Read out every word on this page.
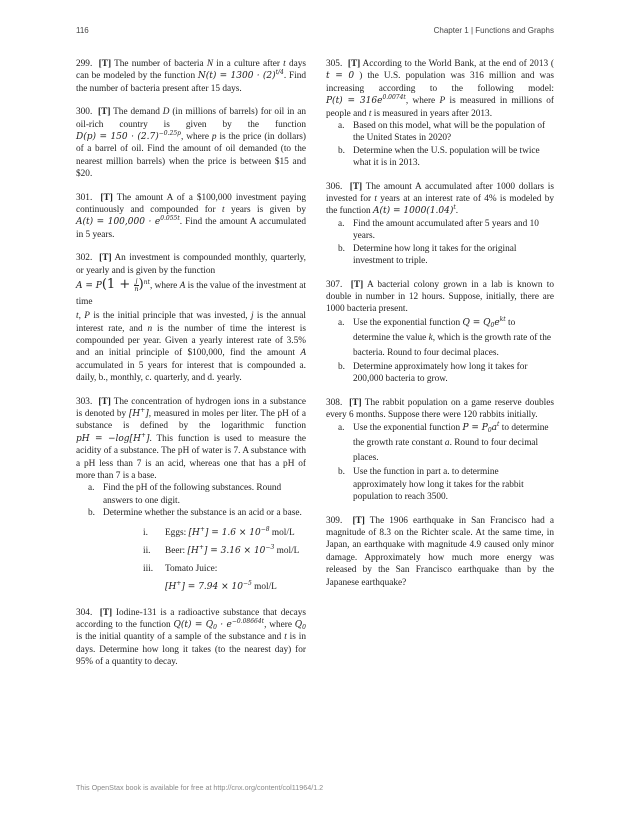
116	Chapter 1 | Functions and Graphs

299. [T] The number of bacteria N in a culture after t days can be modeled by the function $N(t) = 1300 \cdot (2)^{t/4}$. Find the number of bacteria present after 15 days.

300. [T] The demand D (in millions of barrels) for oil in an oil-rich country is given by the function $D(p) = 150 \cdot (2.7)^{-0.25p}$, where p is the price (in dollars) of a barrel of oil. Find the amount of oil demanded (to the nearest million barrels) when the price is between $15 and $20.

301. [T] The amount A of a $100,000 investment paying continuously and compounded for t years is given by $A(t) = 100,000 \cdot e^{0.055t}$. Find the amount A accumulated in 5 years.

302. [T] An investment is compounded monthly, quarterly, or yearly and is given by the function

$A = P(1 + \frac{j}{n} )^{nt}$, where A is the value of the investment at time

t, P is the initial principle that was invested, j is the annual interest rate, and n is the number of time the interest is compounded per year. Given a yearly interest rate of 3.5% and an initial principle of $100,000, find the amount A accumulated in 5 years for interest that is compounded a. daily, b., monthly, c. quarterly, and d. yearly.

303. [T] The concentration of hydrogen ions in a substance is denoted by [H+], measured in moles per liter. The pH of a substance is defined by the logarithmic function pH = −log[H+]. This function is used to measure the acidity of a substance. The pH of water is 7. A substance with a pH less than 7 is an acid, whereas one that has a pH of more than 7 is a base.

a. Find the pH of the following substances. Round answers to one digit.
b. Determine whether the substance is an acid or a base.
i. Eggs: $[H^+] = 1.6 \times 10^{-8}$ mol/L
ii. Beer: $[H^+] = 3.16 \times 10^{-3}$ mol/L
iii. Tomato Juice: $[H^+] = 7.94 \times 10^{-5}$ mol/L

304. [T] Iodine-131 is a radioactive substance that decays according to the function $Q(t) = Q_0 \cdot e^{-0.08664t}$, where $Q_0$ is the initial quantity of a sample of the substance and t is in days. Determine how long it takes (to the nearest day) for 95% of a quantity to decay.

305. [T] According to the World Bank, at the end of 2013 ( t = 0 ) the U.S. population was 316 million and was increasing according to the following model: $P(t) = 316e^{0.0074t}$, where P is measured in millions of people and t is measured in years after 2013.

a. Based on this model, what will be the population of the United States in 2020?
b. Determine when the U.S. population will be twice what it is in 2013.

306. [T] The amount A accumulated after 1000 dollars is invested for t years at an interest rate of 4% is modeled by the function $A(t) = 1000(1.04)^t$.

a. Find the amount accumulated after 5 years and 10 years.
b. Determine how long it takes for the original investment to triple.

307. [T] A bacterial colony grown in a lab is known to double in number in 12 hours. Suppose, initially, there are 1000 bacteria present.

a. Use the exponential function $Q = Q_0e^{kt}$ to determine the value k, which is the growth rate of the bacteria. Round to four decimal places.
b. Determine approximately how long it takes for 200,000 bacteria to grow.

308. [T] The rabbit population on a game reserve doubles every 6 months. Suppose there were 120 rabbits initially.

a. Use the exponential function $P = P_0a^t$ to determine the growth rate constant a. Round to four decimal places.
b. Use the function in part a. to determine approximately how long it takes for the rabbit population to reach 3500.

309. [T] The 1906 earthquake in San Francisco had a magnitude of 8.3 on the Richter scale. At the same time, in Japan, an earthquake with magnitude 4.9 caused only minor damage. Approximately how much more energy was released by the San Francisco earthquake than by the Japanese earthquake?

This OpenStax book is available for free at http://cnx.org/content/col11964/1.2
